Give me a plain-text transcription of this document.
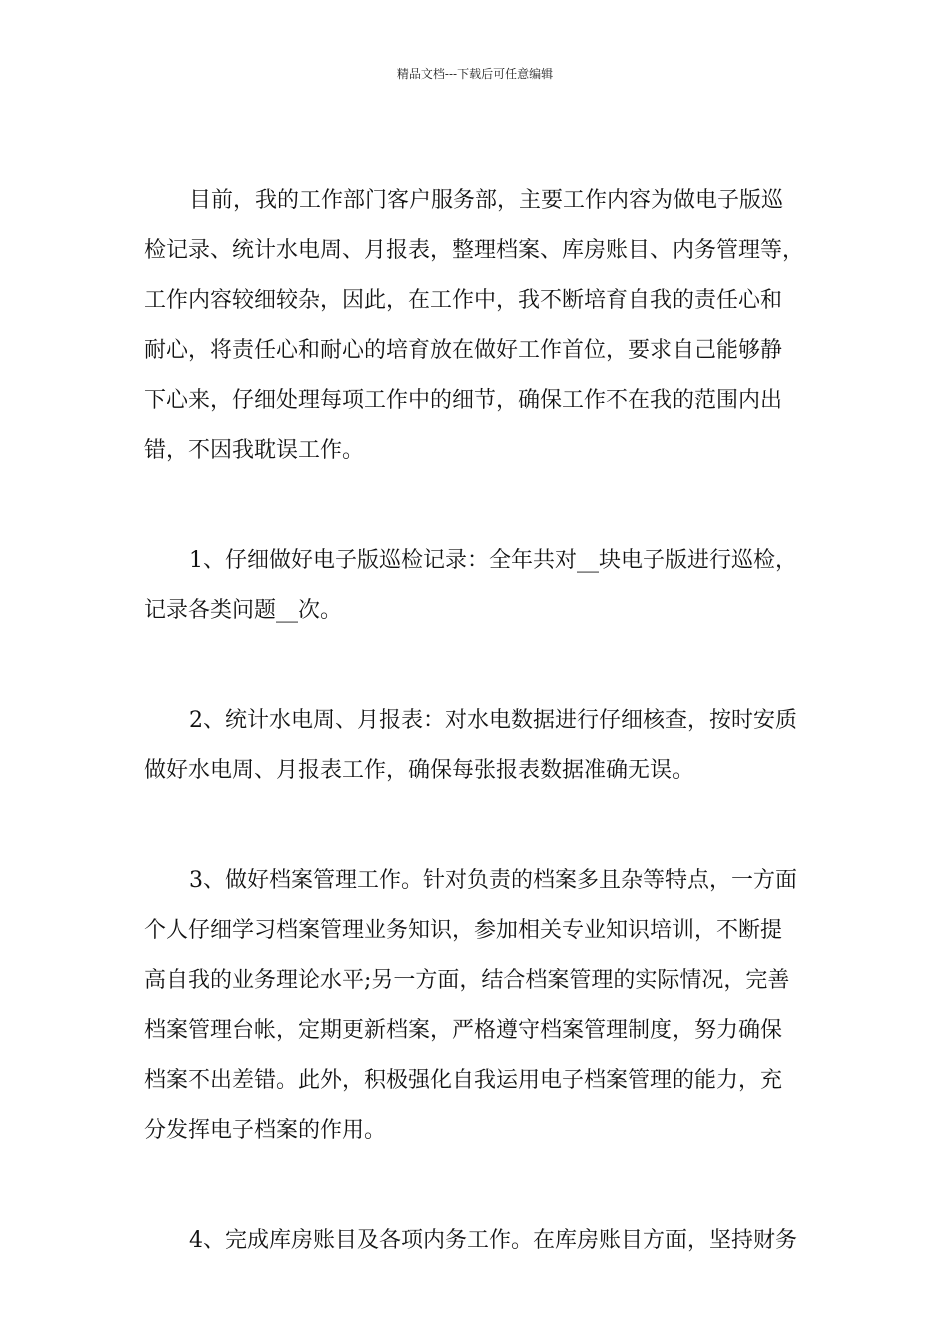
精品文档---下载后可任意编辑

目前，我的工作部门客户服务部，主要工作内容为做电子版巡
检记录、统计水电周、月报表，整理档案、库房账目、内务管理等，
工作内容较细较杂，因此，在工作中，我不断培育自我的责任心和
耐心，将责任心和耐心的培育放在做好工作首位，要求自己能够静
下心来，仔细处理每项工作中的细节，确保工作不在我的范围内出
错，不因我耽误工作。

1、仔细做好电子版巡检记录：全年共对__块电子版进行巡检，
记录各类问题__次。

2、统计水电周、月报表：对水电数据进行仔细核查，按时安质
做好水电周、月报表工作，确保每张报表数据准确无误。

3、做好档案管理工作。针对负责的档案多且杂等特点，一方面
个人仔细学习档案管理业务知识，参加相关专业知识培训，不断提
高自我的业务理论水平;另一方面，结合档案管理的实际情况，完善
档案管理台帐，定期更新档案，严格遵守档案管理制度，努力确保
档案不出差错。此外，积极强化自我运用电子档案管理的能力，充
分发挥电子档案的作用。

4、完成库房账目及各项内务工作。在库房账目方面，坚持财务
